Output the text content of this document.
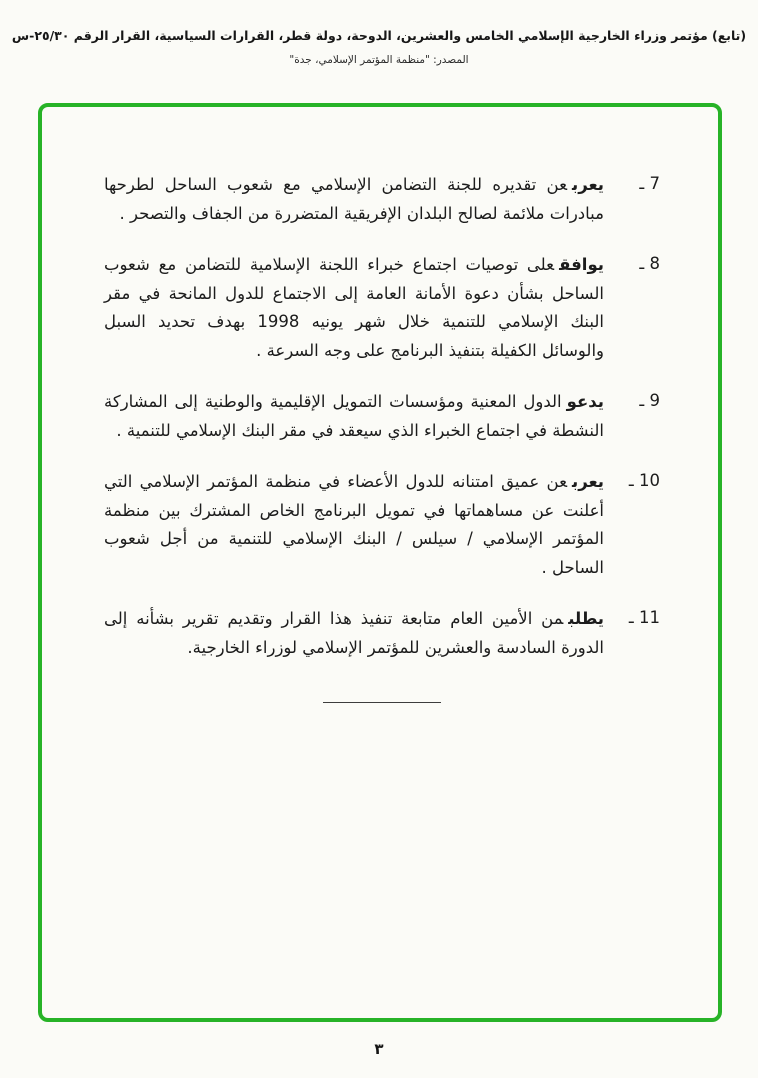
(تابع) مؤتمر وزراء الخارجية الإسلامي الخامس والعشرين، الدوحة، دولة قطر، القرارات السياسية، القرار الرقم ٢٥/٣٠-س
المصدر: "منظمة المؤتمر الإسلامي، جدة"
7 ـ

يعربعن تقديره للجنة التضامن الإسلامي مع شعوب الساحل لطرحها مبادرات ملائمة لصالح البلدان الإفريقية المتضررة من الجفاف والتصحر .

8 ـ

يوافقعلى توصيات اجتماع خبراء اللجنة الإسلامية للتضامن مع شعوب الساحل بشأن دعوة الأمانة العامة إلى الاجتماع للدول المانحة في مقر البنك الإسلامي للتنمية خلال شهر يونيه 1998 بهدف تحديد السبل والوسائل الكفيلة بتنفيذ البرنامج على وجه السرعة .

9 ـ

يدعوالدول المعنية ومؤسسات التمويل الإقليمية والوطنية إلى المشاركة النشطة في اجتماع الخبراء الذي سيعقد في مقر البنك الإسلامي للتنمية .

10 ـ

يعربعن عميق امتنانه للدول الأعضاء في منظمة المؤتمر الإسلامي التي أعلنت عن مساهماتها في تمويل البرنامج الخاص المشترك بين منظمة المؤتمر الإسلامي / سيلس / البنك الإسلامي للتنمية من أجل شعوب الساحل .

11 ـ

يطلبمن الأمين العام متابعة تنفيذ هذا القرار وتقديم تقرير بشأنه إلى الدورة السادسة والعشرين للمؤتمر الإسلامي لوزراء الخارجية.

٣
